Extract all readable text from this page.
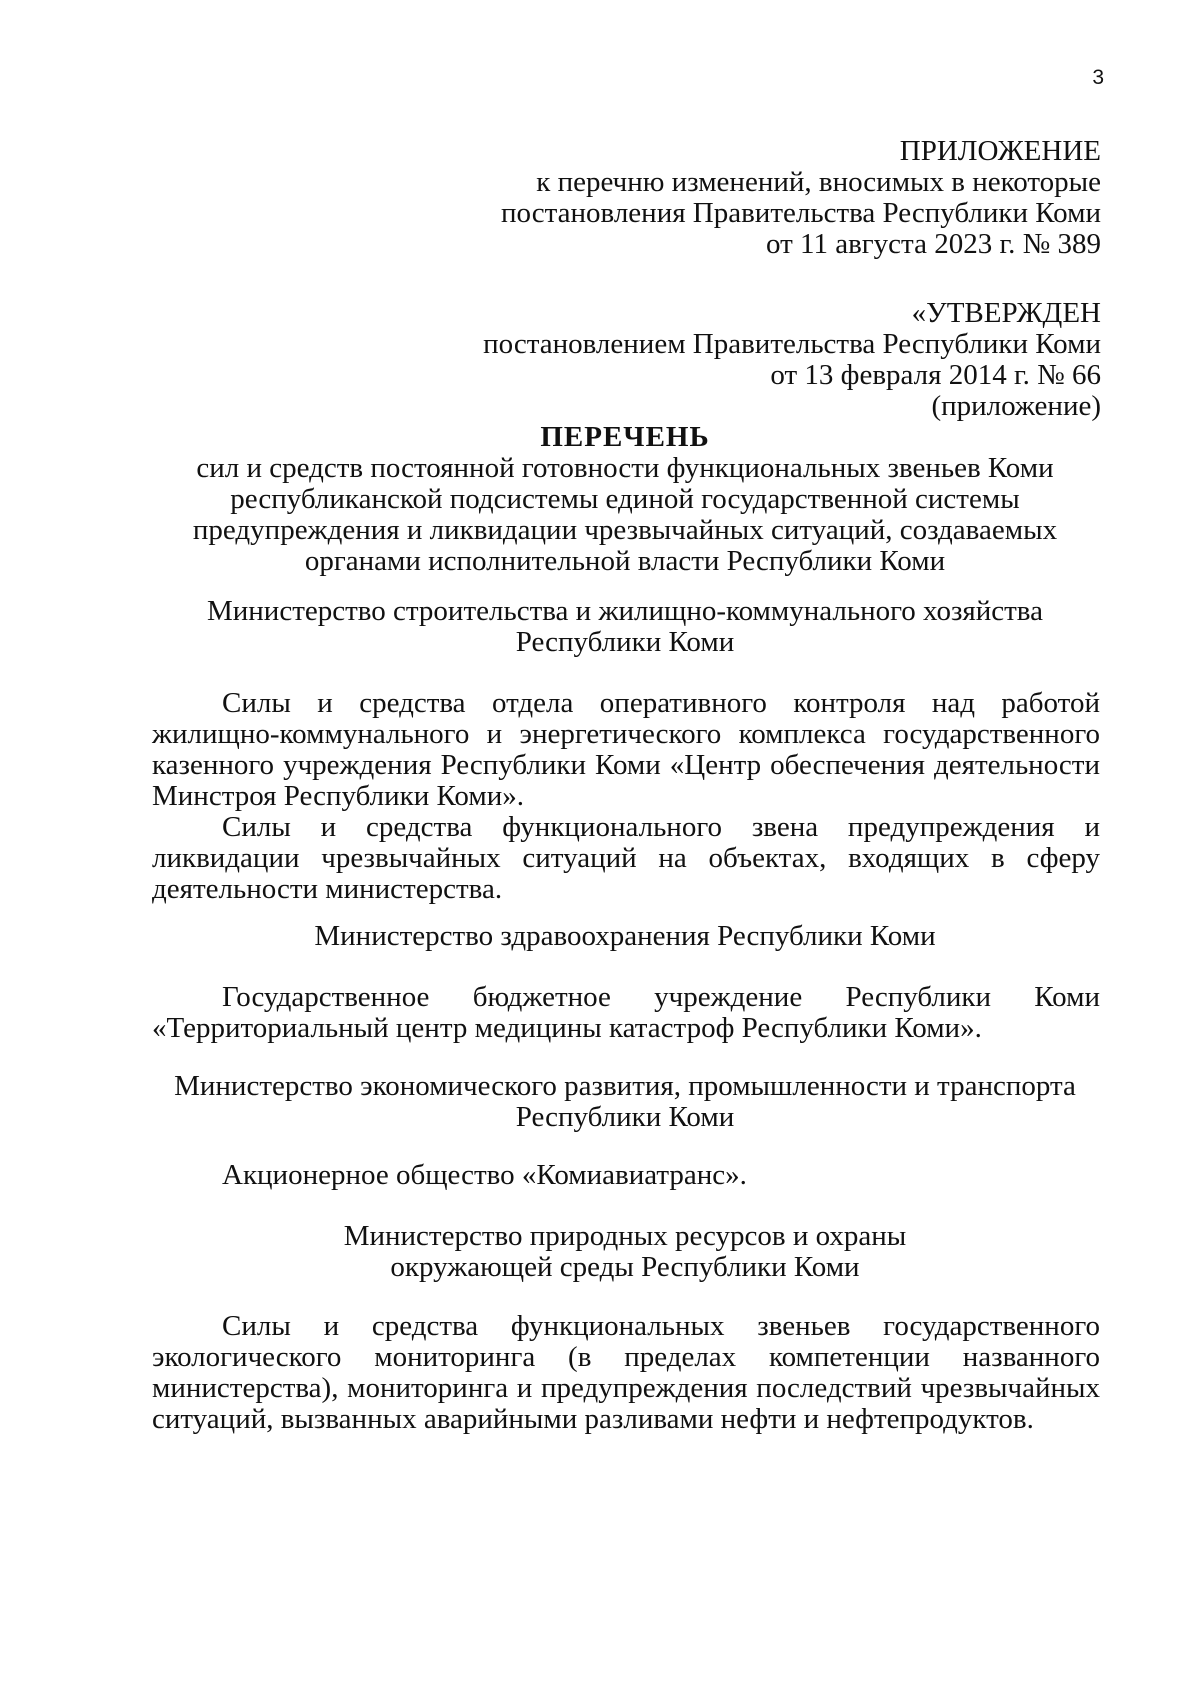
3
ПРИЛОЖЕНИЕ
к перечню изменений, вносимых в некоторые
постановления Правительства Республики Коми
от 11 августа 2023 г. № 389
«УТВЕРЖДЕН
постановлением Правительства Республики Коми
от 13 февраля 2014 г. № 66
(приложение)
ПЕРЕЧЕНЬ
сил и средств постоянной готовности функциональных звеньев Коми
республиканской подсистемы единой государственной системы
предупреждения и ликвидации чрезвычайных ситуаций, создаваемых
органами исполнительной власти Республики Коми
Министерство строительства и жилищно-коммунального хозяйства
Республики Коми

Силы и средства отдела оперативного контроля над работой жилищно-коммунального и энергетического комплекса государственного казенного учреждения Республики Коми «Центр обеспечения деятельности Минстроя Республики Коми».

Силы и средства функционального звена предупреждения и ликвидации чрезвычайных ситуаций на объектах, входящих в сферу деятельности министерства.

Министерство здравоохранения Республики Коми

Государственное бюджетное учреждение Республики Коми «Территориальный центр медицины катастроф Республики Коми».

Министерство экономического развития, промышленности и транспорта
Республики Коми

Акционерное общество «Комиавиатранс».

Министерство природных ресурсов и охраны
окружающей среды Республики Коми

Силы и средства функциональных звеньев государственного экологического мониторинга (в пределах компетенции названного министерства), мониторинга и предупреждения последствий чрезвычайных ситуаций, вызванных аварийными разливами нефти и нефтепродуктов.
